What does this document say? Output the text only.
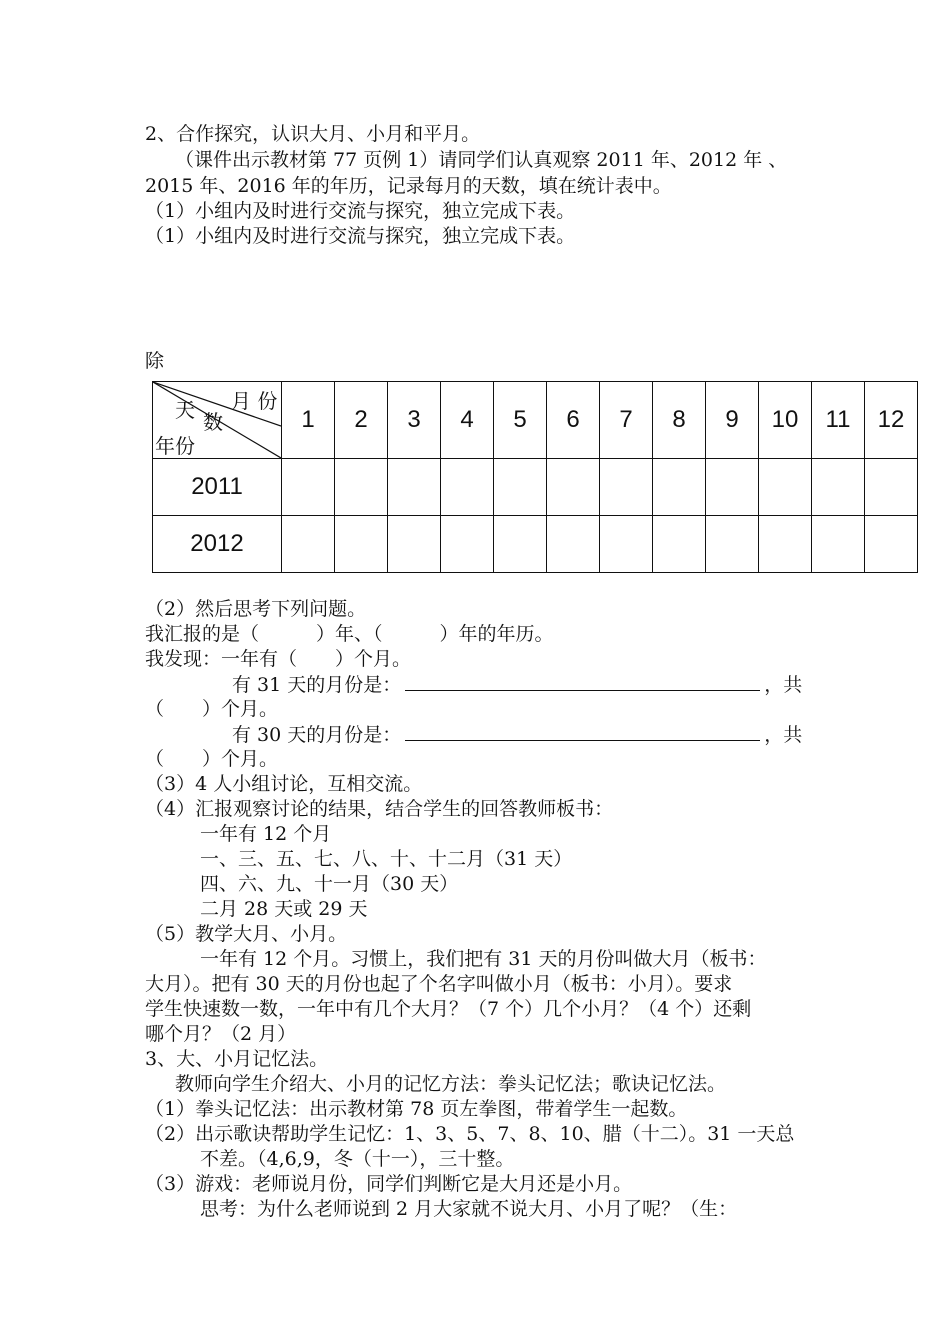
2、合作探究，认识大月、小月和平月。
（课件出示教材第 77 页例 1）请同学们认真观察 2011 年、2012 年 、
2015 年、2016 年的年历，记录每月的天数，填在统计表中。
（1）小组内及时进行交流与探究，独立完成下表。
（1）小组内及时进行交流与探究，独立完成下表。
除
月 份
天 数
年份	1	2	3	4	5	6	7	8	9	10	11	12
2011												
2012												
（2）然后思考下列问题。
我汇报的是（　　　）年、（　　　）年的年历。
我发现：一年有（　　）个月。
有 31 天的月份是：	，共
（　　）个月。
有 30 天的月份是：	，共
（　　）个月。
（3）4 人小组讨论，互相交流。
（4）汇报观察讨论的结果，结合学生的回答教师板书：
一年有 12 个月
一、三、五、七、八、十、十二月（31 天）
四、六、九、十一月（30 天）
二月 28 天或 29 天
（5）教学大月、小月。
一年有 12 个月。习惯上，我们把有 31 天的月份叫做大月（板书：
大月）。把有 30 天的月份也起了个名字叫做小月（板书：小月）。要求
学生快速数一数，一年中有几个大月？（7 个）几个小月？（4 个）还剩
哪个月？（2 月）
3、大、小月记忆法。
教师向学生介绍大、小月的记忆方法：拳头记忆法；歌诀记忆法。
（1）拳头记忆法：出示教材第 78 页左拳图，带着学生一起数。
（2）出示歌诀帮助学生记忆：1、3、5、7、8、10、腊（十二）。31 一天总
不差。（4,6,9，冬（十一），三十整。
（3）游戏：老师说月份，同学们判断它是大月还是小月。
思考：为什么老师说到 2 月大家就不说大月、小月了呢？（生：
